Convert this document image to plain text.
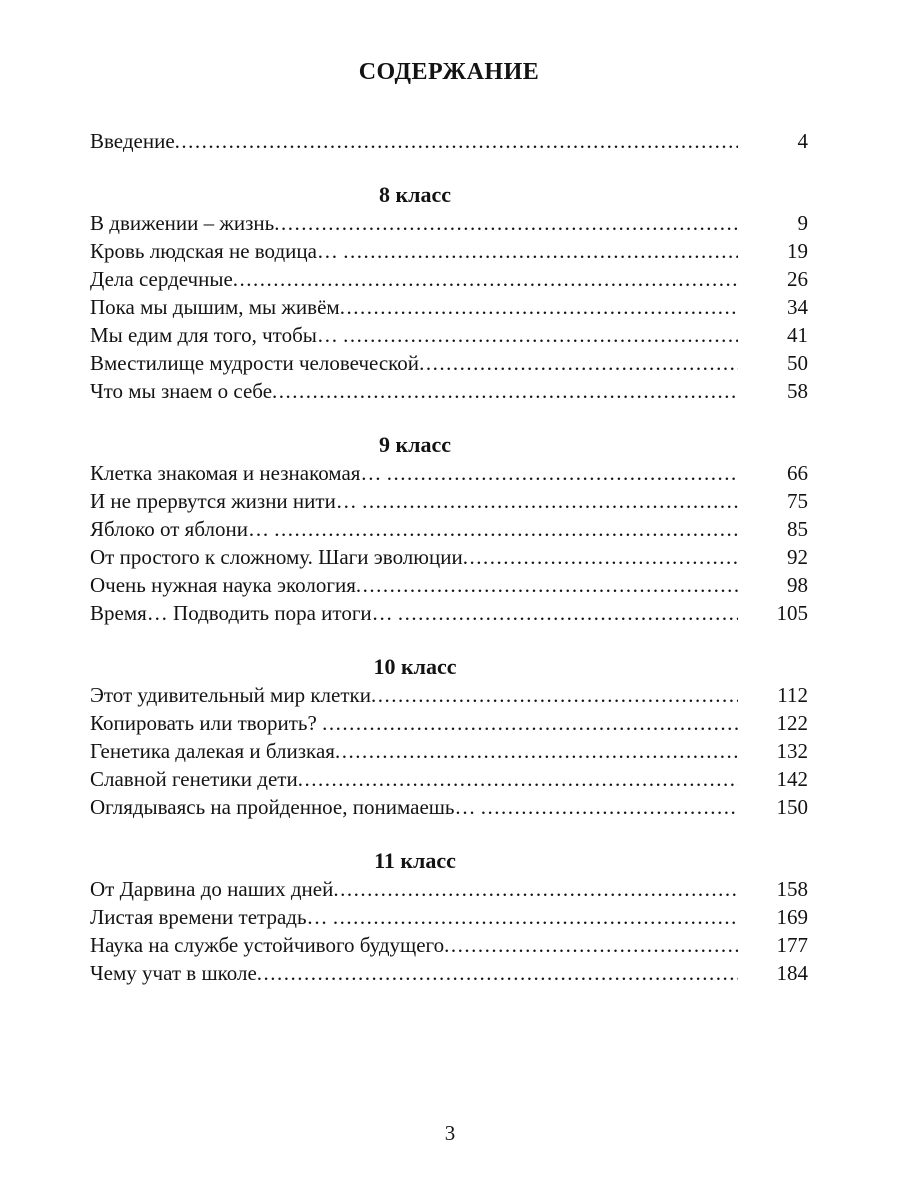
СОДЕРЖАНИЕ
Введение .....	4
8 класс
В движении – жизнь .....	9
Кровь людская не водица… .....	19
Дела сердечные .....	26
Пока мы дышим, мы живём .....	34
Мы едим для того, чтобы… .....	41
Вместилище мудрости человеческой .....	50
Что мы знаем о себе .....	58
9 класс
Клетка знакомая и незнакомая… .....	66
И не прервутся жизни нити… .....	75
Яблоко от яблони… .....	85
От простого к сложному. Шаги эволюции .....	92
Очень нужная наука экология .....	98
Время… Подводить пора итоги… .....	105
10 класс
Этот удивительный мир клетки .....	112
Копировать или творить? .....	122
Генетика далекая и близкая .....	132
Славной генетики дети .....	142
Оглядываясь на пройденное, понимаешь… .....	150
11 класс
От Дарвина до наших дней .....	158
Листая времени тетрадь… .....	169
Наука на службе устойчивого будущего .....	177
Чему учат в школе .....	184
3
